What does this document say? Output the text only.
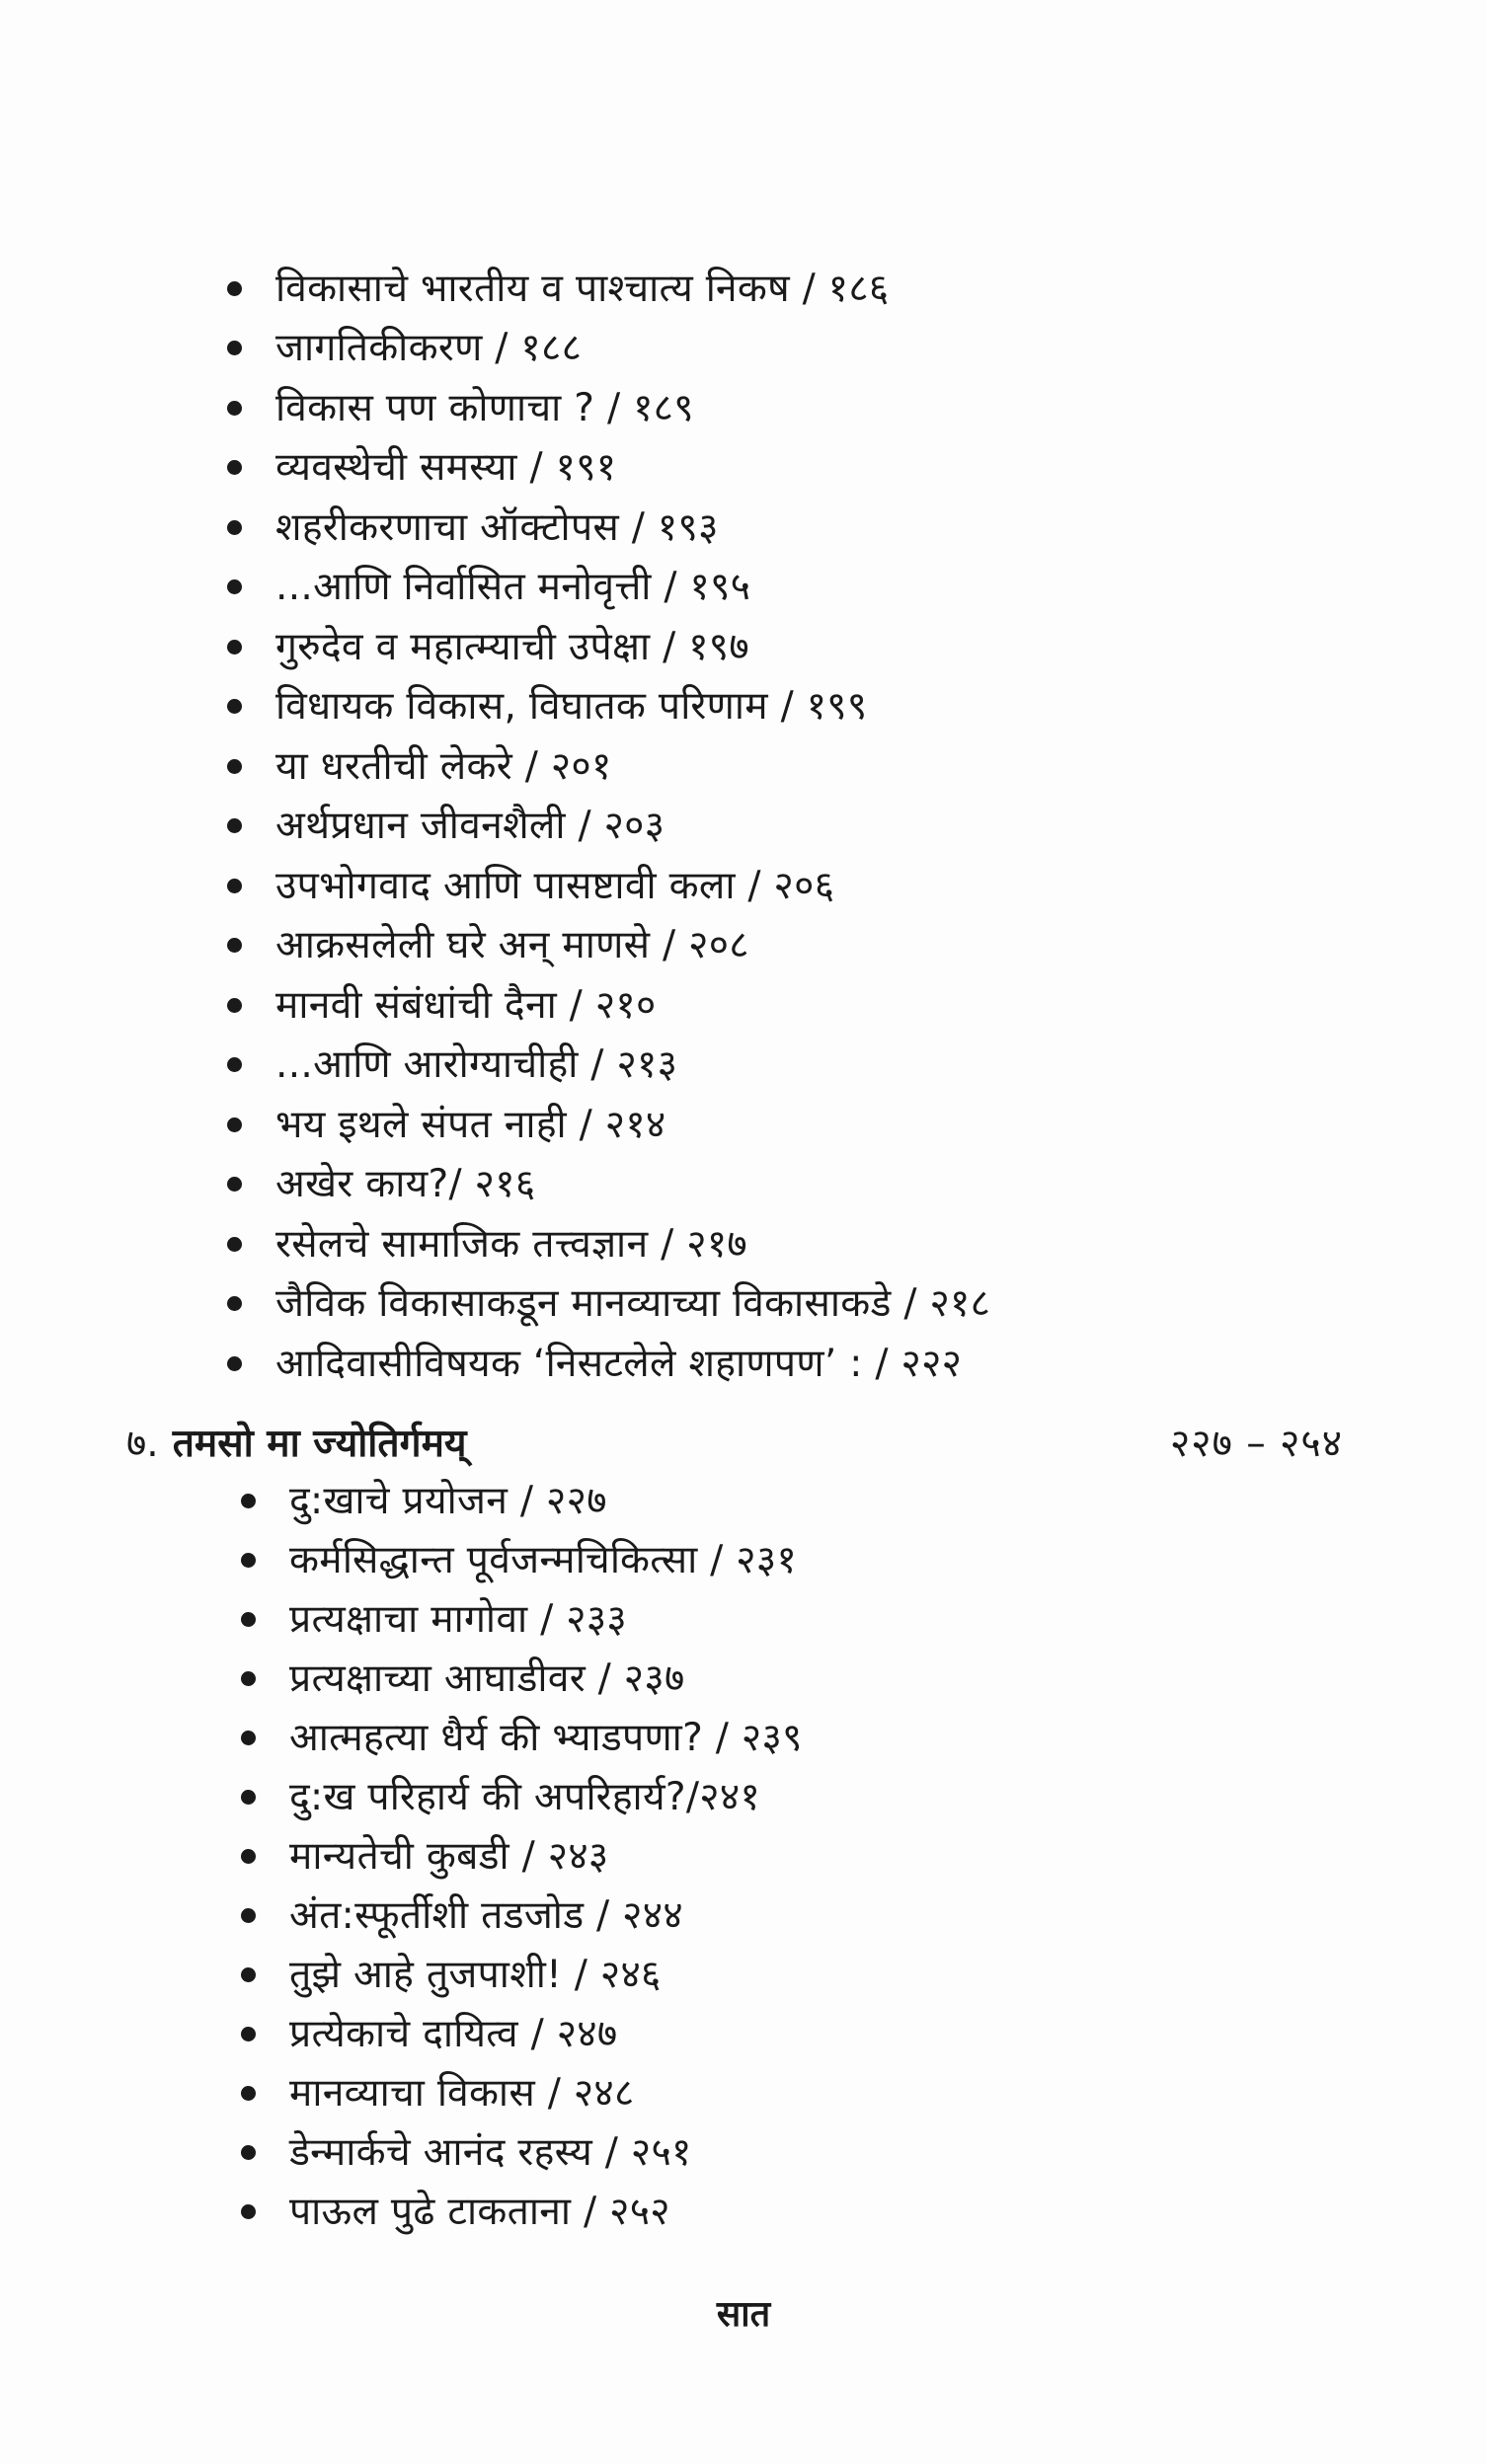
विकासाचे भारतीय व पाश्चात्य निकष / १८६
जागतिकीकरण / १८८
विकास पण कोणाचा ? / १८९
व्यवस्थेची समस्या / १९१
शहरीकरणाचा ऑक्टोपस / १९३
...आणि निर्वासित मनोवृत्ती / १९५
गुरुदेव व महात्म्याची उपेक्षा / १९७
विधायक विकास, विघातक परिणाम / १९९
या धरतीची लेकरे / २०१
अर्थप्रधान जीवनशैली / २०३
उपभोगवाद आणि पासष्टावी कला / २०६
आक्रसलेली घरे अन् माणसे / २०८
मानवी संबंधांची दैना / २१०
...आणि आरोग्याचीही / २१३
भय इथले संपत नाही / २१४
अखेर काय?/ २१६
रसेलचे सामाजिक तत्त्वज्ञान / २१७
जैविक विकासाकडून मानव्याच्या विकासाकडे / २१८
आदिवासीविषयक ‘निसटलेले शहाणपण’ : / २२२
७. तमसो मा ज्योतिर्गमय्	२२७ – २५४
दु:खाचे प्रयोजन / २२७
कर्मसिद्धान्त पूर्वजन्मचिकित्सा / २३१
प्रत्यक्षाचा मागोवा / २३३
प्रत्यक्षाच्या आघाडीवर / २३७
आत्महत्या धैर्य की भ्याडपणा? / २३९
दु:ख परिहार्य की अपरिहार्य?/२४१
मान्यतेची कुबडी / २४३
अंत:स्फूर्तीशी तडजोड / २४४
तुझे आहे तुजपाशी! / २४६
प्रत्येकाचे दायित्व / २४७
मानव्याचा विकास / २४८
डेन्मार्कचे आनंद रहस्य / २५१
पाऊल पुढे टाकताना / २५२
सात
